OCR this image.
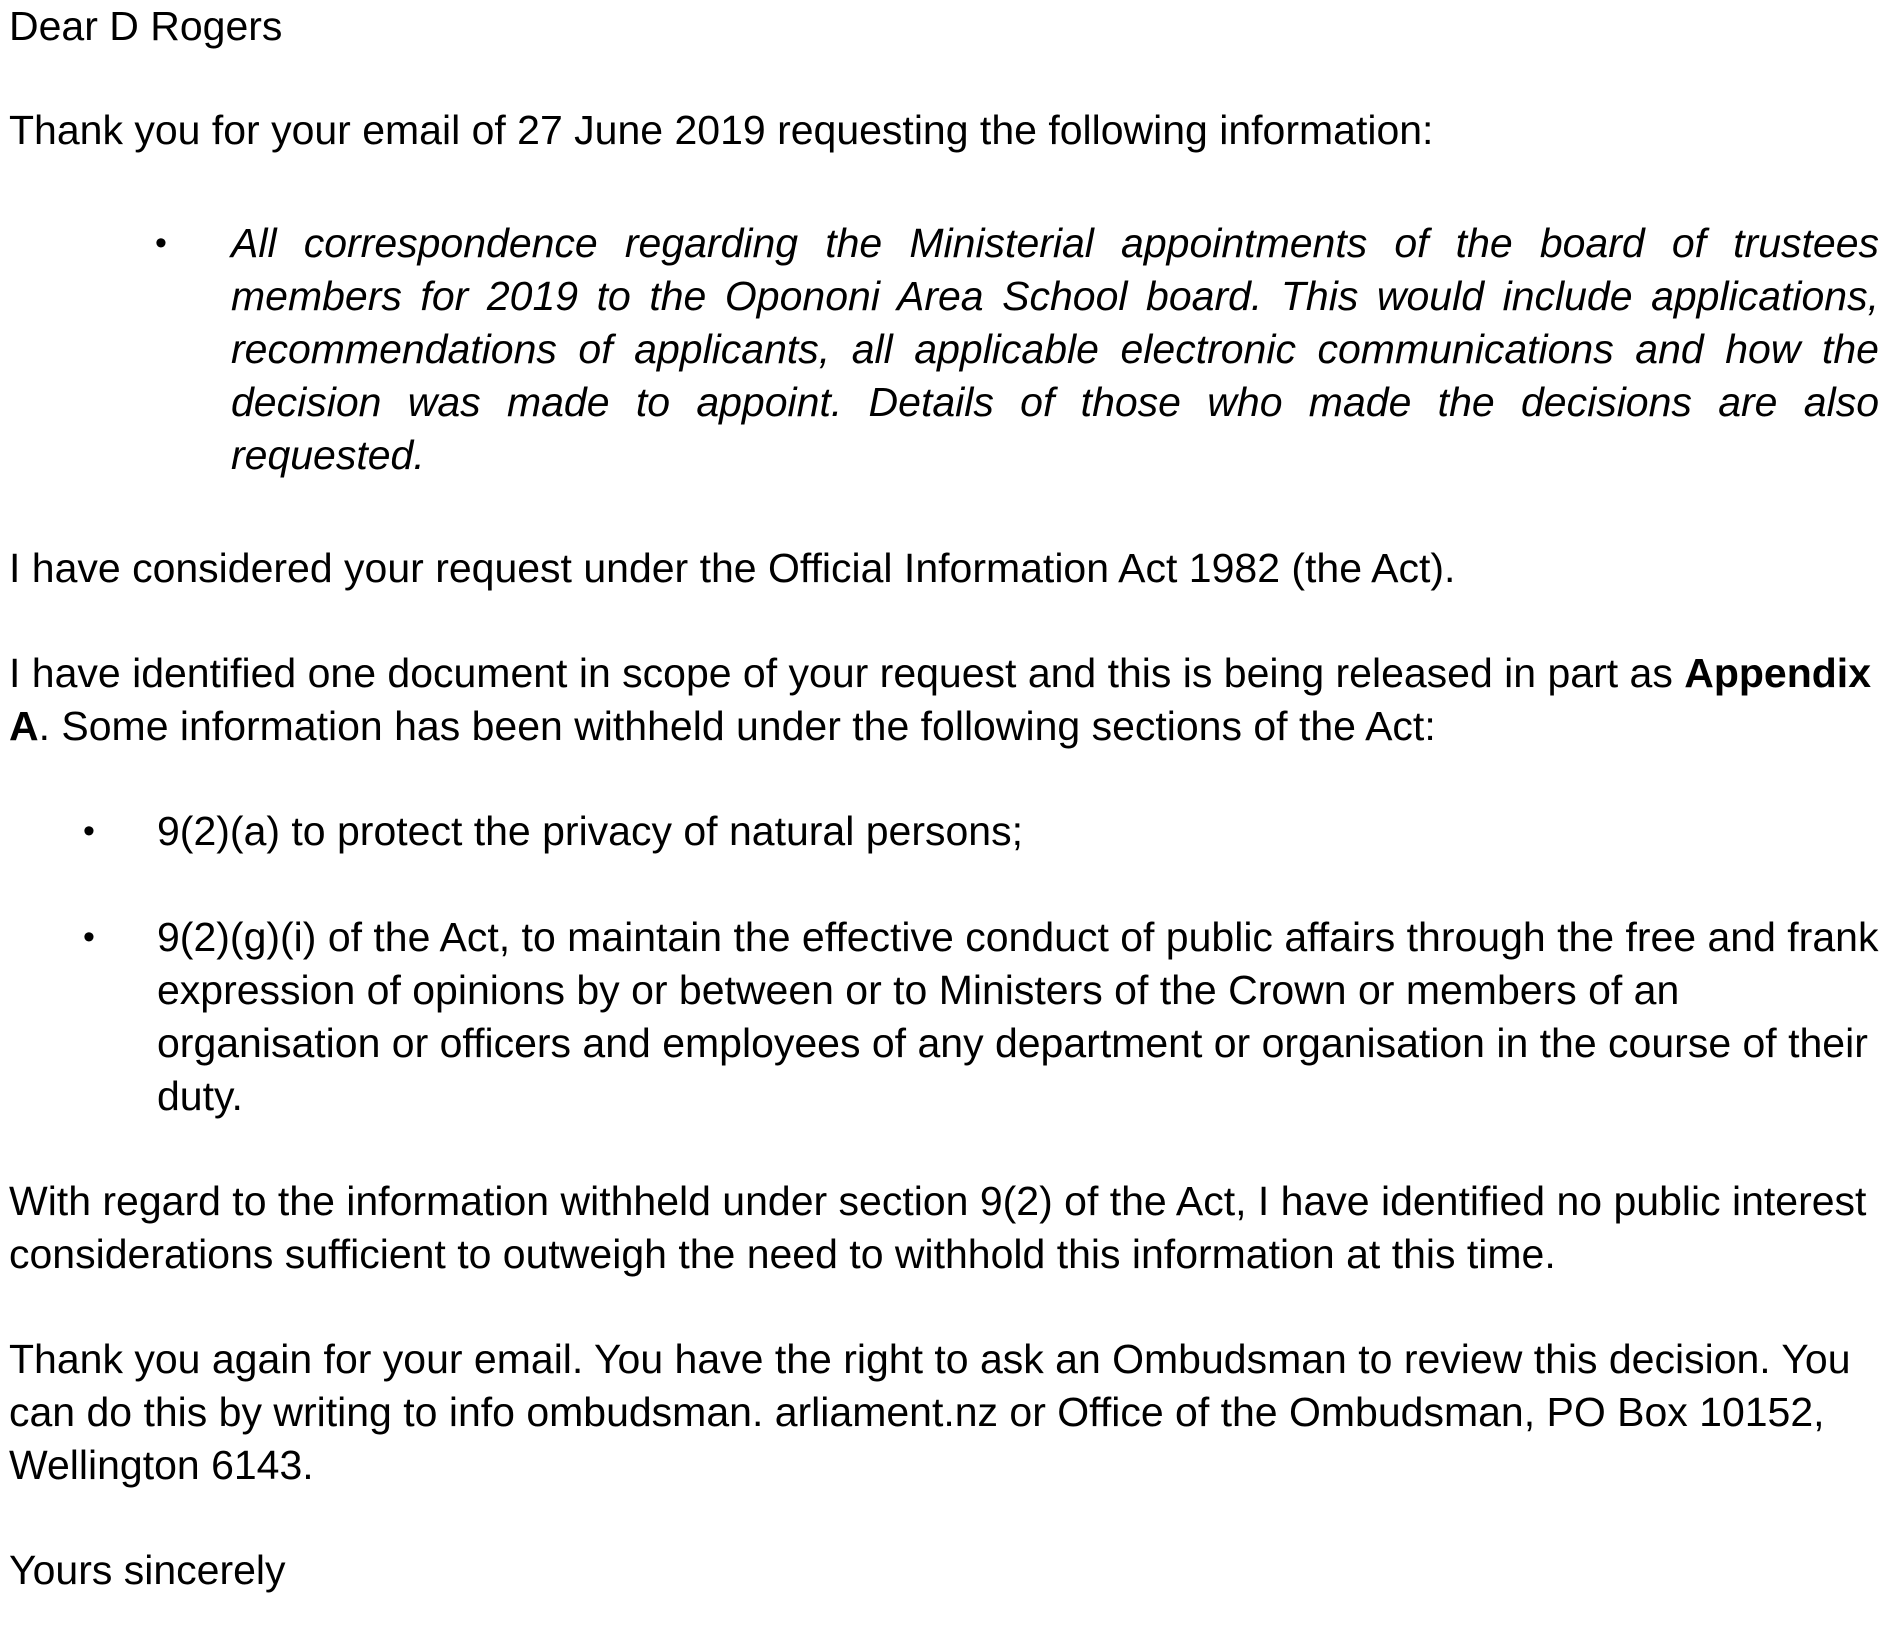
Dear D Rogers

Thank you for your email of 27 June 2019 requesting the following information:

• All correspondence regarding the Ministerial appointments of the board of trustees members for 2019 to the Opononi Area School board. This would include applications, recommendations of applicants, all applicable electronic communications and how the decision was made to appoint. Details of those who made the decisions are also requested.

I have considered your request under the Official Information Act 1982 (the Act).

I have identified one document in scope of your request and this is being released in part as Appendix A. Some information has been withheld under the following sections of the Act:

• 9(2)(a) to protect the privacy of natural persons;
• 9(2)(g)(i) of the Act, to maintain the effective conduct of public affairs through the free and frank expression of opinions by or between or to Ministers of the Crown or members of an organisation or officers and employees of any department or organisation in the course of their duty.

With regard to the information withheld under section 9(2) of the Act, I have identified no public interest considerations sufficient to outweigh the need to withhold this information at this time.

Thank you again for your email. You have the right to ask an Ombudsman to review this decision. You can do this by writing to info ombudsman. arliament.nz or Office of the Ombudsman, PO Box 10152, Wellington 6143.

Yours sincerely
